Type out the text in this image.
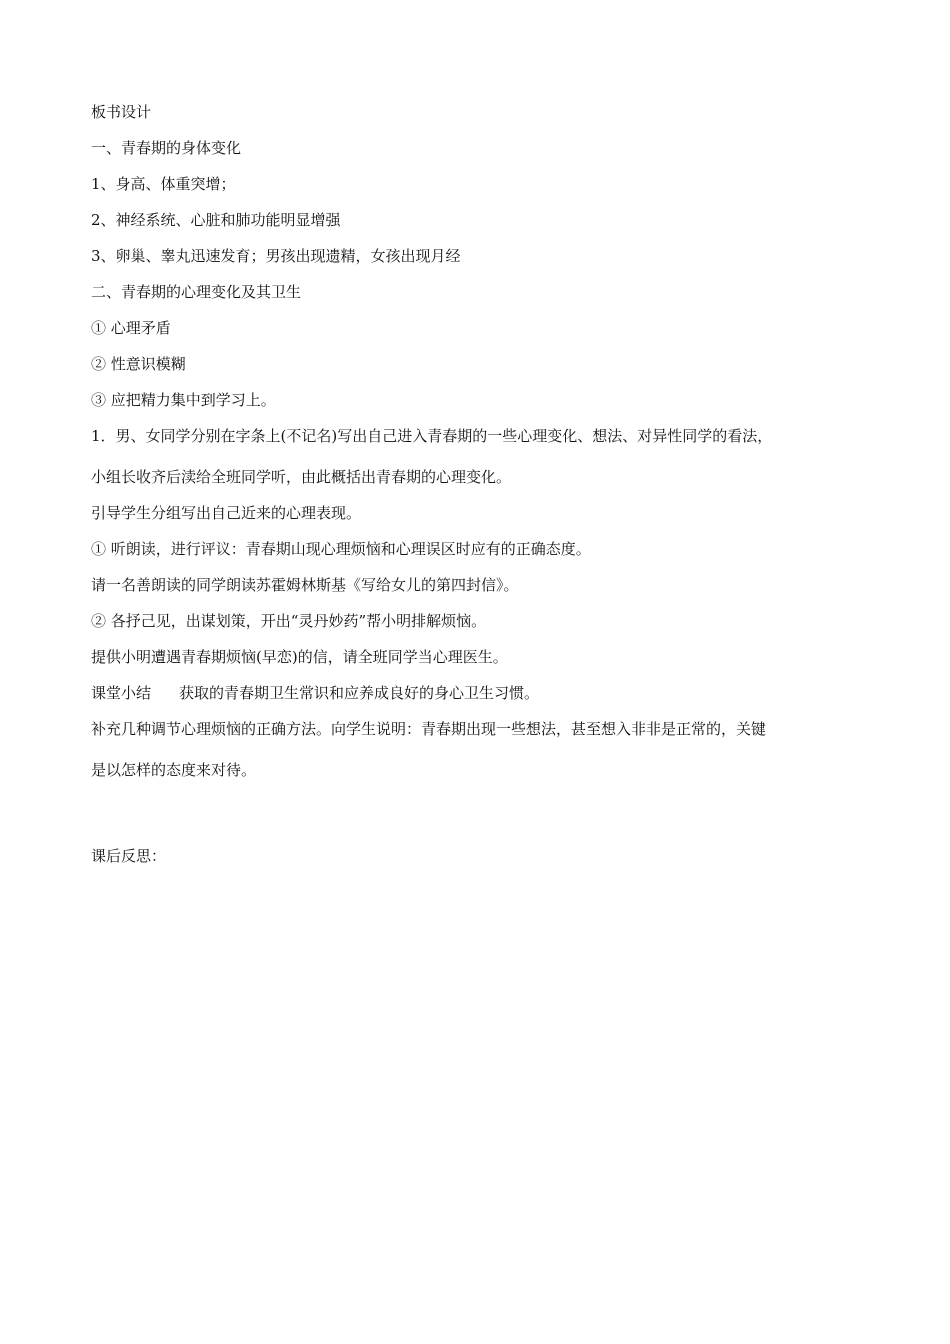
板书设计
一、青春期的身体变化
1、身高、体重突增；
2、神经系统、心脏和肺功能明显增强
3、卵巢、睾丸迅速发育；男孩出现遗精，女孩出现月经
二、青春期的心理变化及其卫生
① 心理矛盾
② 性意识模糊
③ 应把精力集中到学习上。
1．男、女同学分别在字条上(不记名)写出自己进入青春期的一些心理变化、想法、对异性同学的看法，
小组长收齐后渎给全班同学听，由此概括出青春期的心理变化。
引导学生分组写出自己近来的心理表现。
① 听朗读，进行评议：青春期山现心理烦恼和心理误区时应有的正确态度。
请一名善朗读的同学朗读苏霍姆林斯基《写给女儿的第四封信》。
② 各抒己见，出谋划策，开出“灵丹妙药”帮小明排解烦恼。
提供小明遭遇青春期烦恼(早恋)的信，请全班同学当心理医生。
课堂小结 获取的青春期卫生常识和应养成良好的身心卫生习惯。
补充几种调节心理烦恼的正确方法。向学生说明：青春期出现一些想法，甚至想入非非是正常的，关键
是以怎样的态度来对待。
课后反思：
